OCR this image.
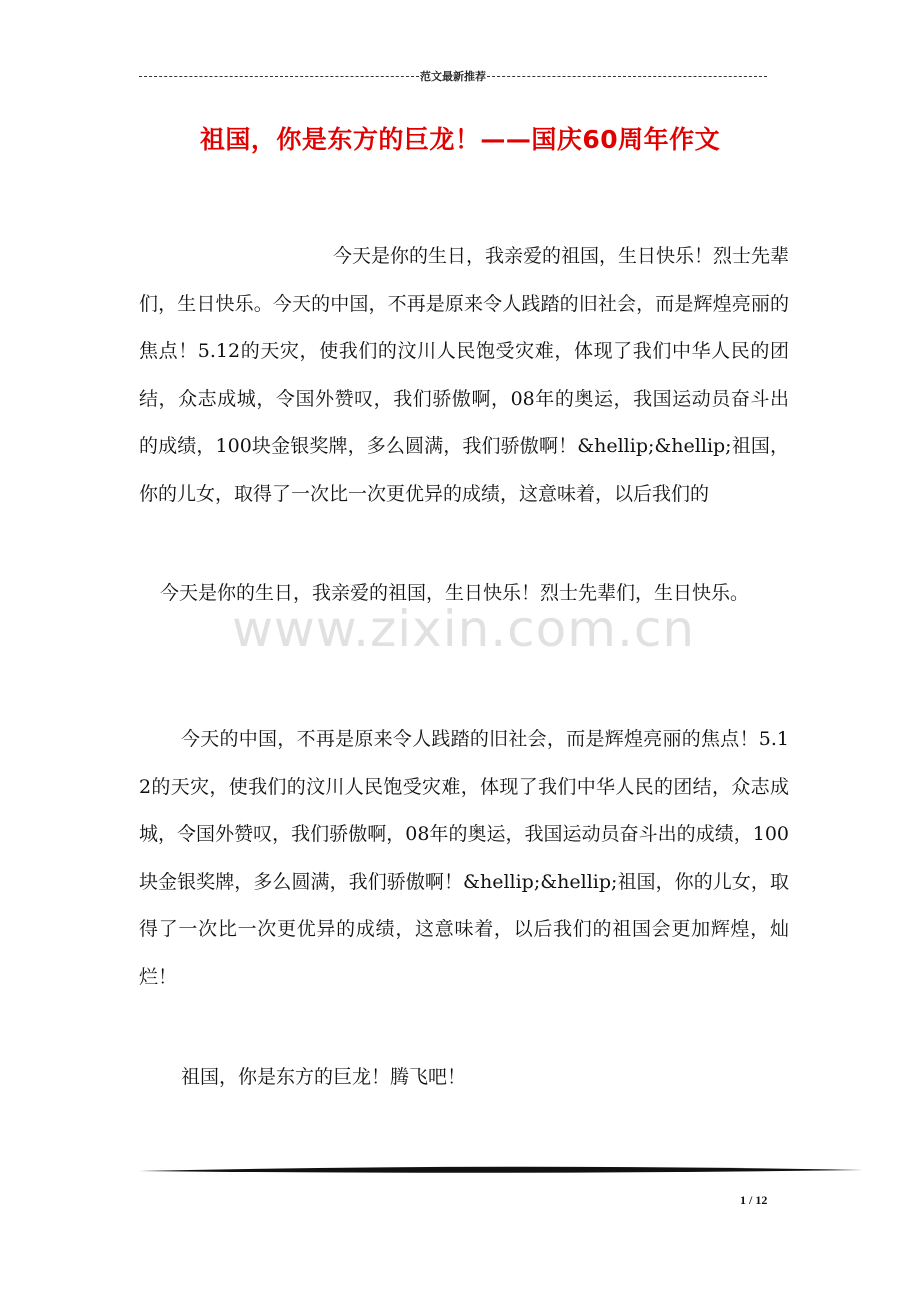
范文最新推荐
祖国，你是东方的巨龙！——国庆60周年作文
今天是你的生日，我亲爱的祖国，生日快乐！烈士先辈们，生日快乐。今天的中国，不再是原来令人践踏的旧社会，而是辉煌亮丽的焦点！5.12的天灾，使我们的汶川人民饱受灾难，体现了我们中华人民的团结，众志成城，令国外赞叹，我们骄傲啊，08年的奥运，我国运动员奋斗出的成绩，100块金银奖牌，多么圆满，我们骄傲啊！&hellip;&hellip;祖国，你的儿女，取得了一次比一次更优异的成绩，这意味着，以后我们的
今天是你的生日，我亲爱的祖国，生日快乐！烈士先辈们，生日快乐。
今天的中国，不再是原来令人践踏的旧社会，而是辉煌亮丽的焦点！5.12的天灾，使我们的汶川人民饱受灾难，体现了我们中华人民的团结，众志成城，令国外赞叹，我们骄傲啊，08年的奥运，我国运动员奋斗出的成绩，100块金银奖牌，多么圆满，我们骄傲啊！&hellip;&hellip;祖国，你的儿女，取得了一次比一次更优异的成绩，这意味着，以后我们的祖国会更加辉煌，灿烂！
祖国，你是东方的巨龙！腾飞吧！
www.zixin.com.cn
1 / 12
